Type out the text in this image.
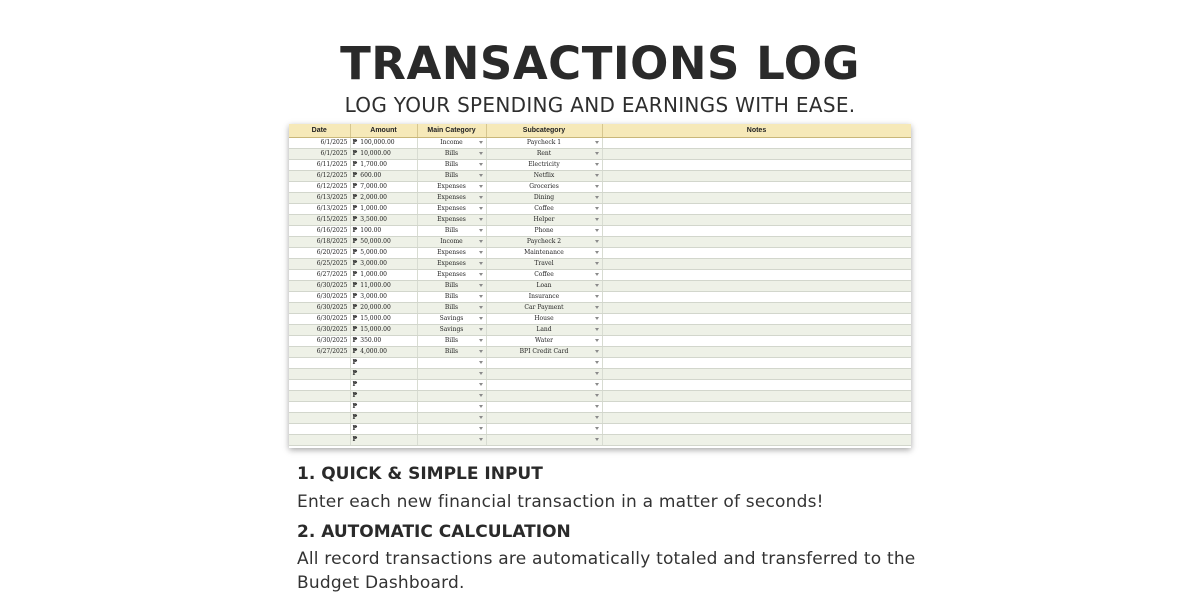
TRANSACTIONS LOG
LOG YOUR SPENDING AND EARNINGS WITH EASE.
Date	Amount	Main Category	Subcategory	Notes
6/1/2025	₱ 100,000.00	Income	Paycheck 1

6/1/2025	₱ 10,000.00	Bills	Rent

6/11/2025	₱ 1,700.00	Bills	Electricity

6/12/2025	₱ 600.00	Bills	Netflix

6/12/2025	₱ 7,000.00	Expenses	Groceries

6/13/2025	₱ 2,000.00	Expenses	Dining

6/13/2025	₱ 1,000.00	Expenses	Coffee

6/15/2025	₱ 3,500.00	Expenses	Helper

6/16/2025	₱ 100.00	Bills	Phone

6/18/2025	₱ 50,000.00	Income	Paycheck 2

6/20/2025	₱ 5,000.00	Expenses	Maintenance

6/25/2025	₱ 3,000.00	Expenses	Travel

6/27/2025	₱ 1,000.00	Expenses	Coffee

6/30/2025	₱ 11,000.00	Bills	Loan

6/30/2025	₱ 3,000.00	Bills	Insurance

6/30/2025	₱ 20,000.00	Bills	Car Payment

6/30/2025	₱ 15,000.00	Savings	House

6/30/2025	₱ 15,000.00	Savings	Land

6/30/2025	₱ 350.00	Bills	Water

6/27/2025	₱ 4,000.00	Bills	BPI Credit Card

	₱	

	₱	

	₱	

	₱	

	₱	

	₱	

	₱	

	₱	

1. QUICK & SIMPLE INPUT
Enter each new financial transaction in a matter of seconds!
2. AUTOMATIC CALCULATION
All record transactions are automatically totaled and transferred to the Budget Dashboard.
